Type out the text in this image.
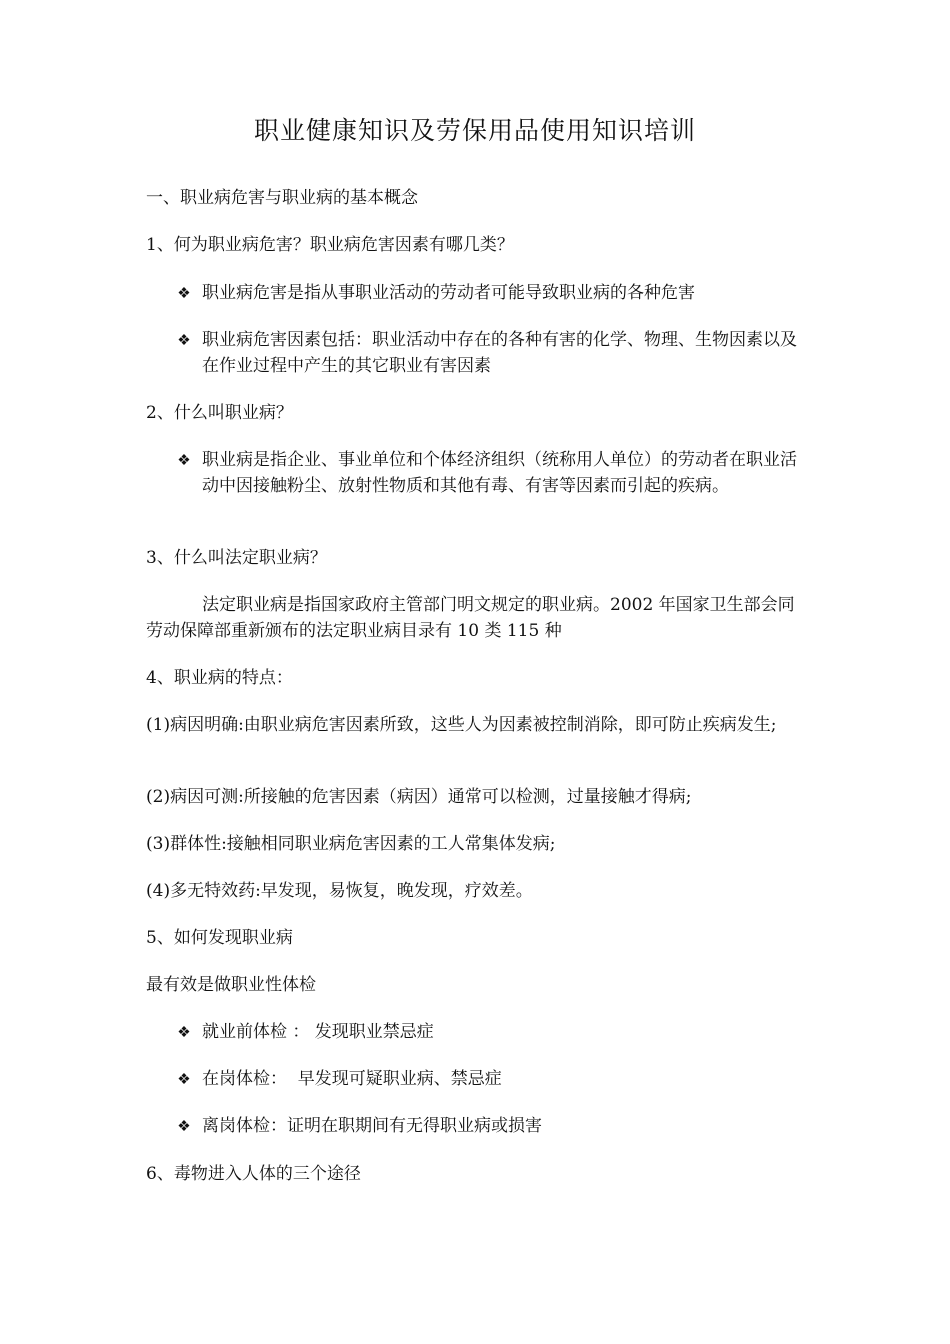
职业健康知识及劳保用品使用知识培训
一、职业病危害与职业病的基本概念
1、何为职业病危害？职业病危害因素有哪几类？
❖ 职业病危害是指从事职业活动的劳动者可能导致职业病的各种危害
❖ 职业病危害因素包括：职业活动中存在的各种有害的化学、物理、生物因素以及在作业过程中产生的其它职业有害因素
2、什么叫职业病？
❖ 职业病是指企业、事业单位和个体经济组织（统称用人单位）的劳动者在职业活动中因接触粉尘、放射性物质和其他有毒、有害等因素而引起的疾病。
3、什么叫法定职业病？
法定职业病是指国家政府主管部门明文规定的职业病。2002 年国家卫生部会同劳动保障部重新颁布的法定职业病目录有 10 类 115 种
4、职业病的特点：
(1)病因明确:由职业病危害因素所致，这些人为因素被控制消除，即可防止疾病发生;
(2)病因可测:所接触的危害因素（病因）通常可以检测，过量接触才得病;
(3)群体性:接触相同职业病危害因素的工人常集体发病;
(4)多无特效药:早发现，易恢复，晚发现，疗效差。
5、如何发现职业病
最有效是做职业性体检
❖ 就业前体检 ： 发现职业禁忌症
❖ 在岗体检：  早发现可疑职业病、禁忌症
❖ 离岗体检：证明在职期间有无得职业病或损害
6、毒物进入人体的三个途径
